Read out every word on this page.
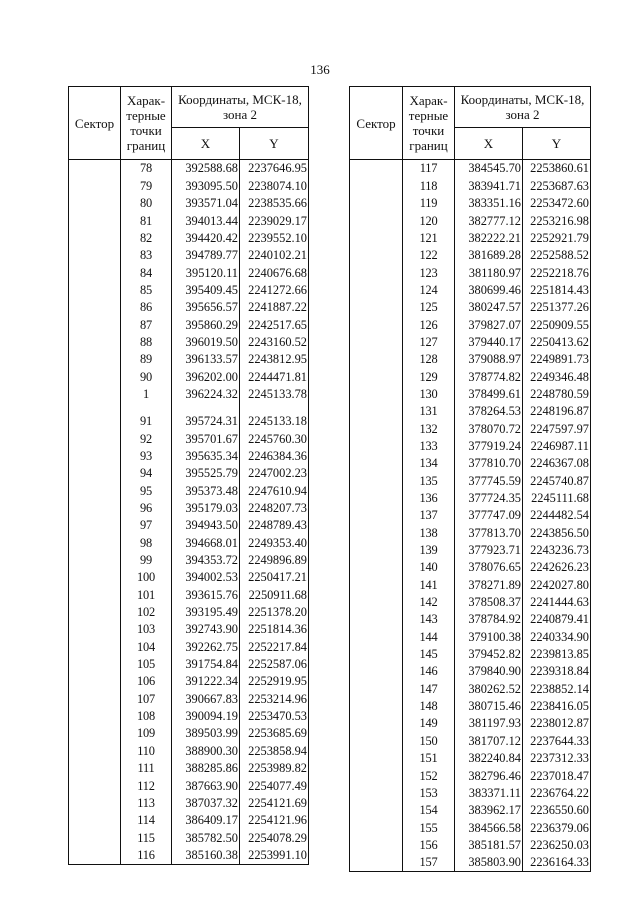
136
Сектор	Харак-терные точки границ	Координаты, МСК-18, зона 2	
		X	Y
	78	392588.68	2237646.95
	79	393095.50	2238074.10
	80	393571.04	2238535.66
	81	394013.44	2239029.17
	82	394420.42	2239552.10
	83	394789.77	2240102.21
	84	395120.11	2240676.68
	85	395409.45	2241272.66
	86	395656.57	2241887.22
	87	395860.29	2242517.65
	88	396019.50	2243160.52
	89	396133.57	2243812.95
	90	396202.00	2244471.81
	1	396224.32	2245133.78

	91	395724.31	2245133.18
	92	395701.67	2245760.30
	93	395635.34	2246384.36
	94	395525.79	2247002.23
	95	395373.48	2247610.94
	96	395179.03	2248207.73
	97	394943.50	2248789.43
	98	394668.01	2249353.40
	99	394353.72	2249896.89
	100	394002.53	2250417.21
	101	393615.76	2250911.68
	102	393195.49	2251378.20
	103	392743.90	2251814.36
	104	392262.75	2252217.84
	105	391754.84	2252587.06
	106	391222.34	2252919.95
	107	390667.83	2253214.96
	108	390094.19	2253470.53
	109	389503.99	2253685.69
	110	388900.30	2253858.94
	111	388285.86	2253989.82
	112	387663.90	2254077.49
	113	387037.32	2254121.69
	114	386409.17	2254121.96
	115	385782.50	2254078.29
	116	385160.38	2253991.10
Сектор	Харак-терные точки границ	Координаты, МСК-18, зона 2	
		X	Y
	117	384545.70	2253860.61
	118	383941.71	2253687.63
	119	383351.16	2253472.60
	120	382777.12	2253216.98
	121	382222.21	2252921.79
	122	381689.28	2252588.52
	123	381180.97	2252218.76
	124	380699.46	2251814.43
	125	380247.57	2251377.26
	126	379827.07	2250909.55
	127	379440.17	2250413.62
	128	379088.97	2249891.73
	129	378774.82	2249346.48
	130	378499.61	2248780.59
	131	378264.53	2248196.87
	132	378070.72	2247597.97
	133	377919.24	2246987.11
	134	377810.70	2246367.08
	135	377745.59	2245740.87
	136	377724.35	2245111.68
	137	377747.09	2244482.54
	138	377813.70	2243856.50
	139	377923.71	2243236.73
	140	378076.65	2242626.23
	141	378271.89	2242027.80
	142	378508.37	2241444.63
	143	378784.92	2240879.41
	144	379100.38	2240334.90
	145	379452.82	2239813.85
	146	379840.90	2239318.84
	147	380262.52	2238852.14
	148	380715.46	2238416.05
	149	381197.93	2238012.87
	150	381707.12	2237644.33
	151	382240.84	2237312.33
	152	382796.46	2237018.47
	153	383371.11	2236764.22
	154	383962.17	2236550.60
	155	384566.58	2236379.06
	156	385181.57	2236250.03
	157	385803.90	2236164.33
